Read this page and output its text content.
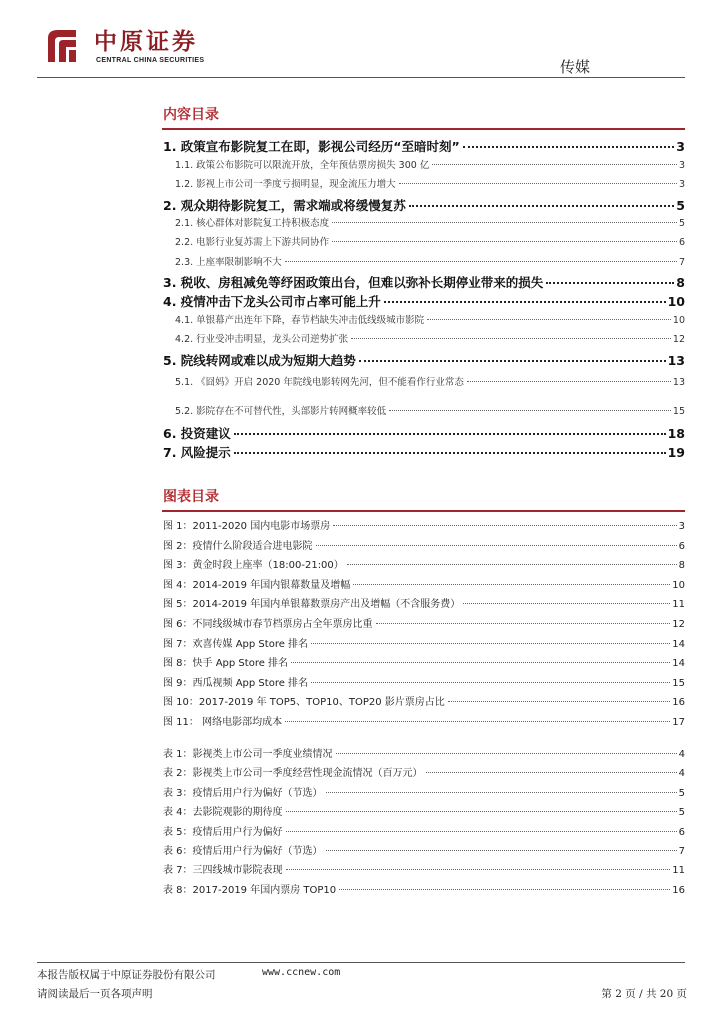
中原证券
CENTRAL CHINA SECURITIES	传媒
内容目录
1. 政策宣布影院复工在即，影视公司经历“至暗时刻”	3
1.1. 政策公布影院可以限流开放，全年预估票房损失 300 亿	3
1.2. 影视上市公司一季度亏损明显，现金流压力增大	3
2. 观众期待影院复工，需求端或将缓慢复苏	5
2.1. 核心群体对影院复工持积极态度	5
2.2. 电影行业复苏需上下游共同协作	6
2.3. 上座率限制影响不大	7
3. 税收、房租减免等纾困政策出台，但难以弥补长期停业带来的损失	8
4. 疫情冲击下龙头公司市占率可能上升	10
4.1. 单银幕产出连年下降，春节档缺失冲击低线级城市影院	10
4.2. 行业受冲击明显，龙头公司逆势扩张	12
5. 院线转网或难以成为短期大趋势	13
5.1. 《囧妈》开启 2020 年院线电影转网先河，但不能看作行业常态	13
5.2. 影院存在不可替代性，头部影片转网概率较低	15
6. 投资建议	18
7. 风险提示	19
图表目录
图 1：2011-2020 国内电影市场票房	3
图 2：疫情什么阶段适合进电影院	6
图 3：黄金时段上座率（18:00-21:00）	8
图 4：2014-2019 年国内银幕数量及增幅	10
图 5：2014-2019 年国内单银幕数票房产出及增幅（不含服务费）	11
图 6：不同线级城市春节档票房占全年票房比重	12
图 7：欢喜传媒 App Store 排名	14
图 8：快手 App Store 排名	14
图 9：西瓜视频 App Store 排名	15
图 10：2017-2019 年 TOP5、TOP10、TOP20 影片票房占比	16
图 11： 网络电影部均成本	17
表 1：影视类上市公司一季度业绩情况	4
表 2：影视类上市公司一季度经营性现金流情况（百万元）	4
表 3：疫情后用户行为偏好（节选）	5
表 4：去影院观影的期待度	5
表 5：疫情后用户行为偏好	6
表 6：疫情后用户行为偏好（节选）	7
表 7：三四线城市影院表现	11
表 8：2017-2019 年国内票房 TOP10	16
本报告版权属于中原证券股份有限公司	www.ccnew.com
请阅读最后一页各项声明	第 2 页 / 共 20 页
